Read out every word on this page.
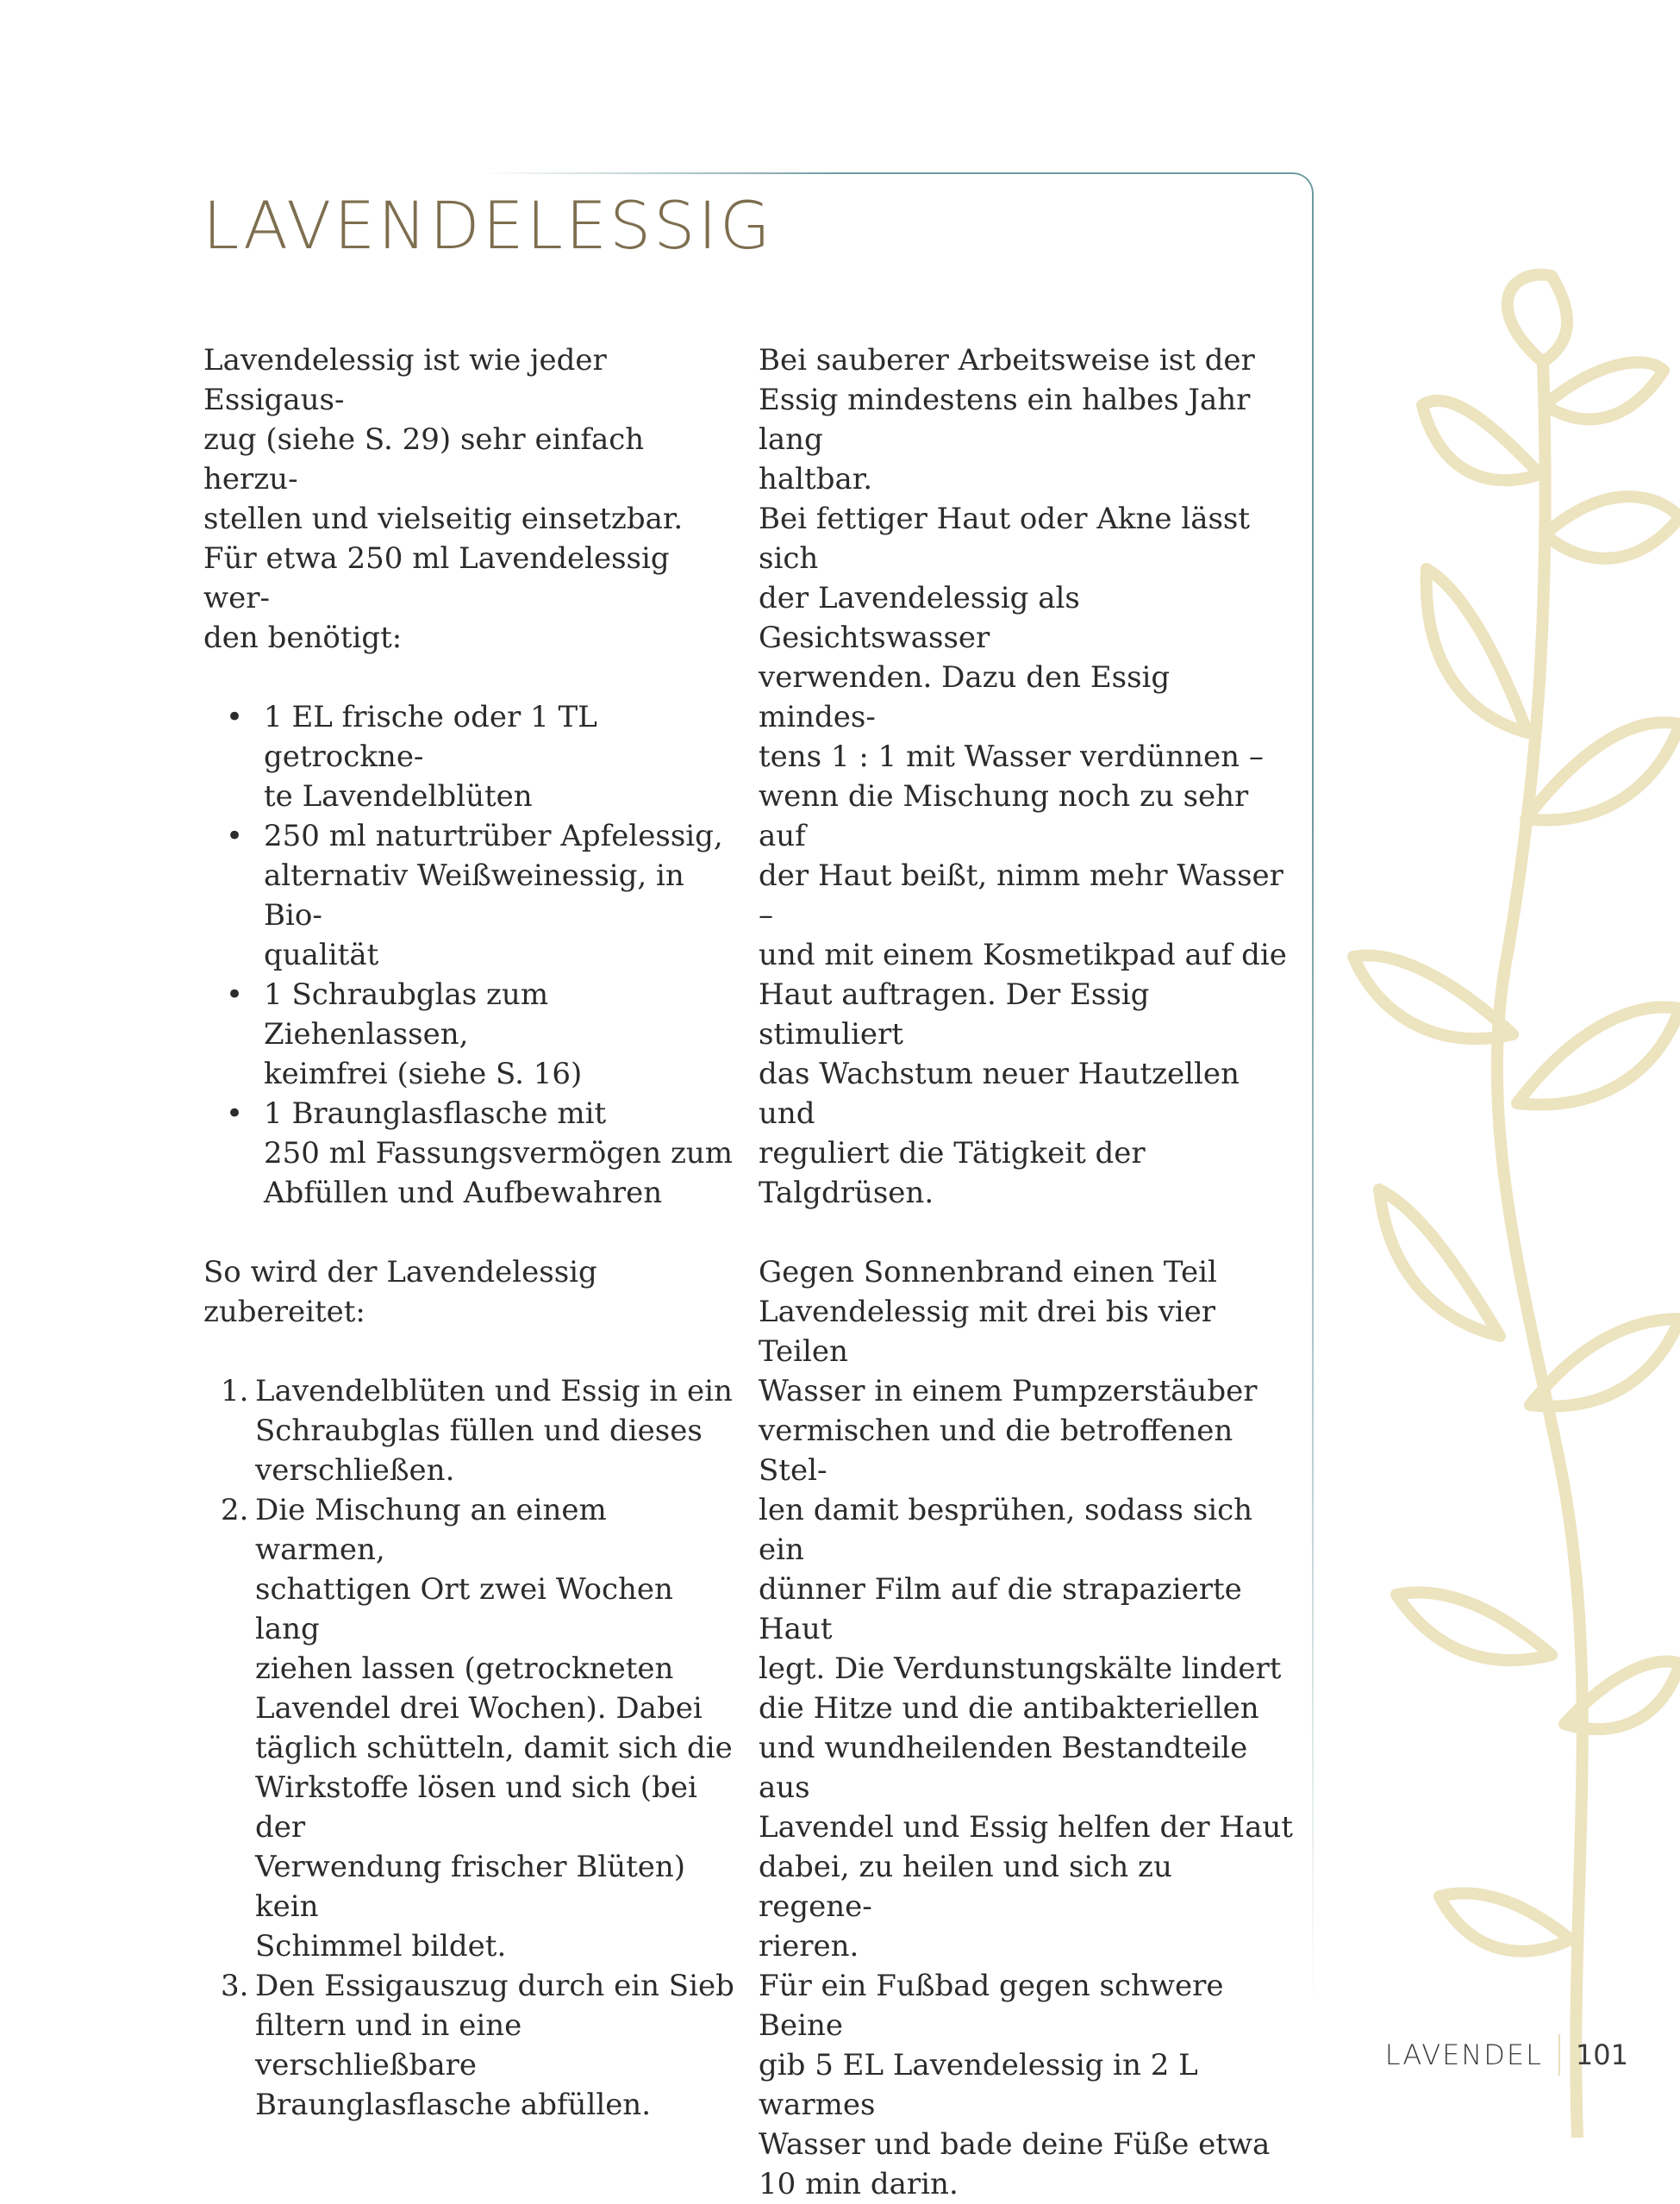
LAVENDELESSIG
Lavendelessig ist wie jeder Essigaus-
zug (siehe S. 29) sehr einfach herzu-
stellen und vielseitig einsetzbar.
Für etwa 250 ml Lavendelessig wer-
den benötigt:
• 1 EL frische oder 1 TL getrockne-
te Lavendelblüten
• 250 ml naturtrüber Apfelessig,
alternativ Weißweinessig, in Bio-
qualität
• 1 Schraubglas zum Ziehenlassen,
keimfrei (siehe S. 16)
• 1 Braunglasflasche mit
250 ml Fassungsvermögen zum
Abfüllen und Aufbewahren

So wird der Lavendelessig zubereitet:

1. Lavendelblüten und Essig in ein
Schraubglas füllen und dieses
verschließen.
2. Die Mischung an einem warmen,
schattigen Ort zwei Wochen lang
ziehen lassen (getrockneten
Lavendel drei Wochen). Dabei
täglich schütteln, damit sich die
Wirkstoffe lösen und sich (bei der
Verwendung frischer Blüten) kein
Schimmel bildet.
3. Den Essigauszug durch ein Sieb
filtern und in eine verschließbare
Braunglasflasche abfüllen.
Bei sauberer Arbeitsweise ist der
Essig mindestens ein halbes Jahr lang
haltbar.
Bei fettiger Haut oder Akne lässt sich
der Lavendelessig als Gesichtswasser
verwenden. Dazu den Essig mindes-
tens 1 : 1 mit Wasser verdünnen –
wenn die Mischung noch zu sehr auf
der Haut beißt, nimm mehr Wasser –
und mit einem Kosmetikpad auf die
Haut auftragen. Der Essig stimuliert
das Wachstum neuer Hautzellen und
reguliert die Tätigkeit der Talgdrüsen.
Gegen Sonnenbrand einen Teil
Lavendelessig mit drei bis vier Teilen
Wasser in einem Pumpzerstäuber
vermischen und die betroffenen Stel-
len damit besprühen, sodass sich ein
dünner Film auf die strapazierte Haut
legt. Die Verdunstungskälte lindert
die Hitze und die antibakteriellen
und wundheilenden Bestandteile aus
Lavendel und Essig helfen der Haut
dabei, zu heilen und sich zu regene-
rieren.
Für ein Fußbad gegen schwere Beine
gib 5 EL Lavendelessig in 2 L warmes
Wasser und bade deine Füße etwa
10 min darin.
LAVENDEL 101
